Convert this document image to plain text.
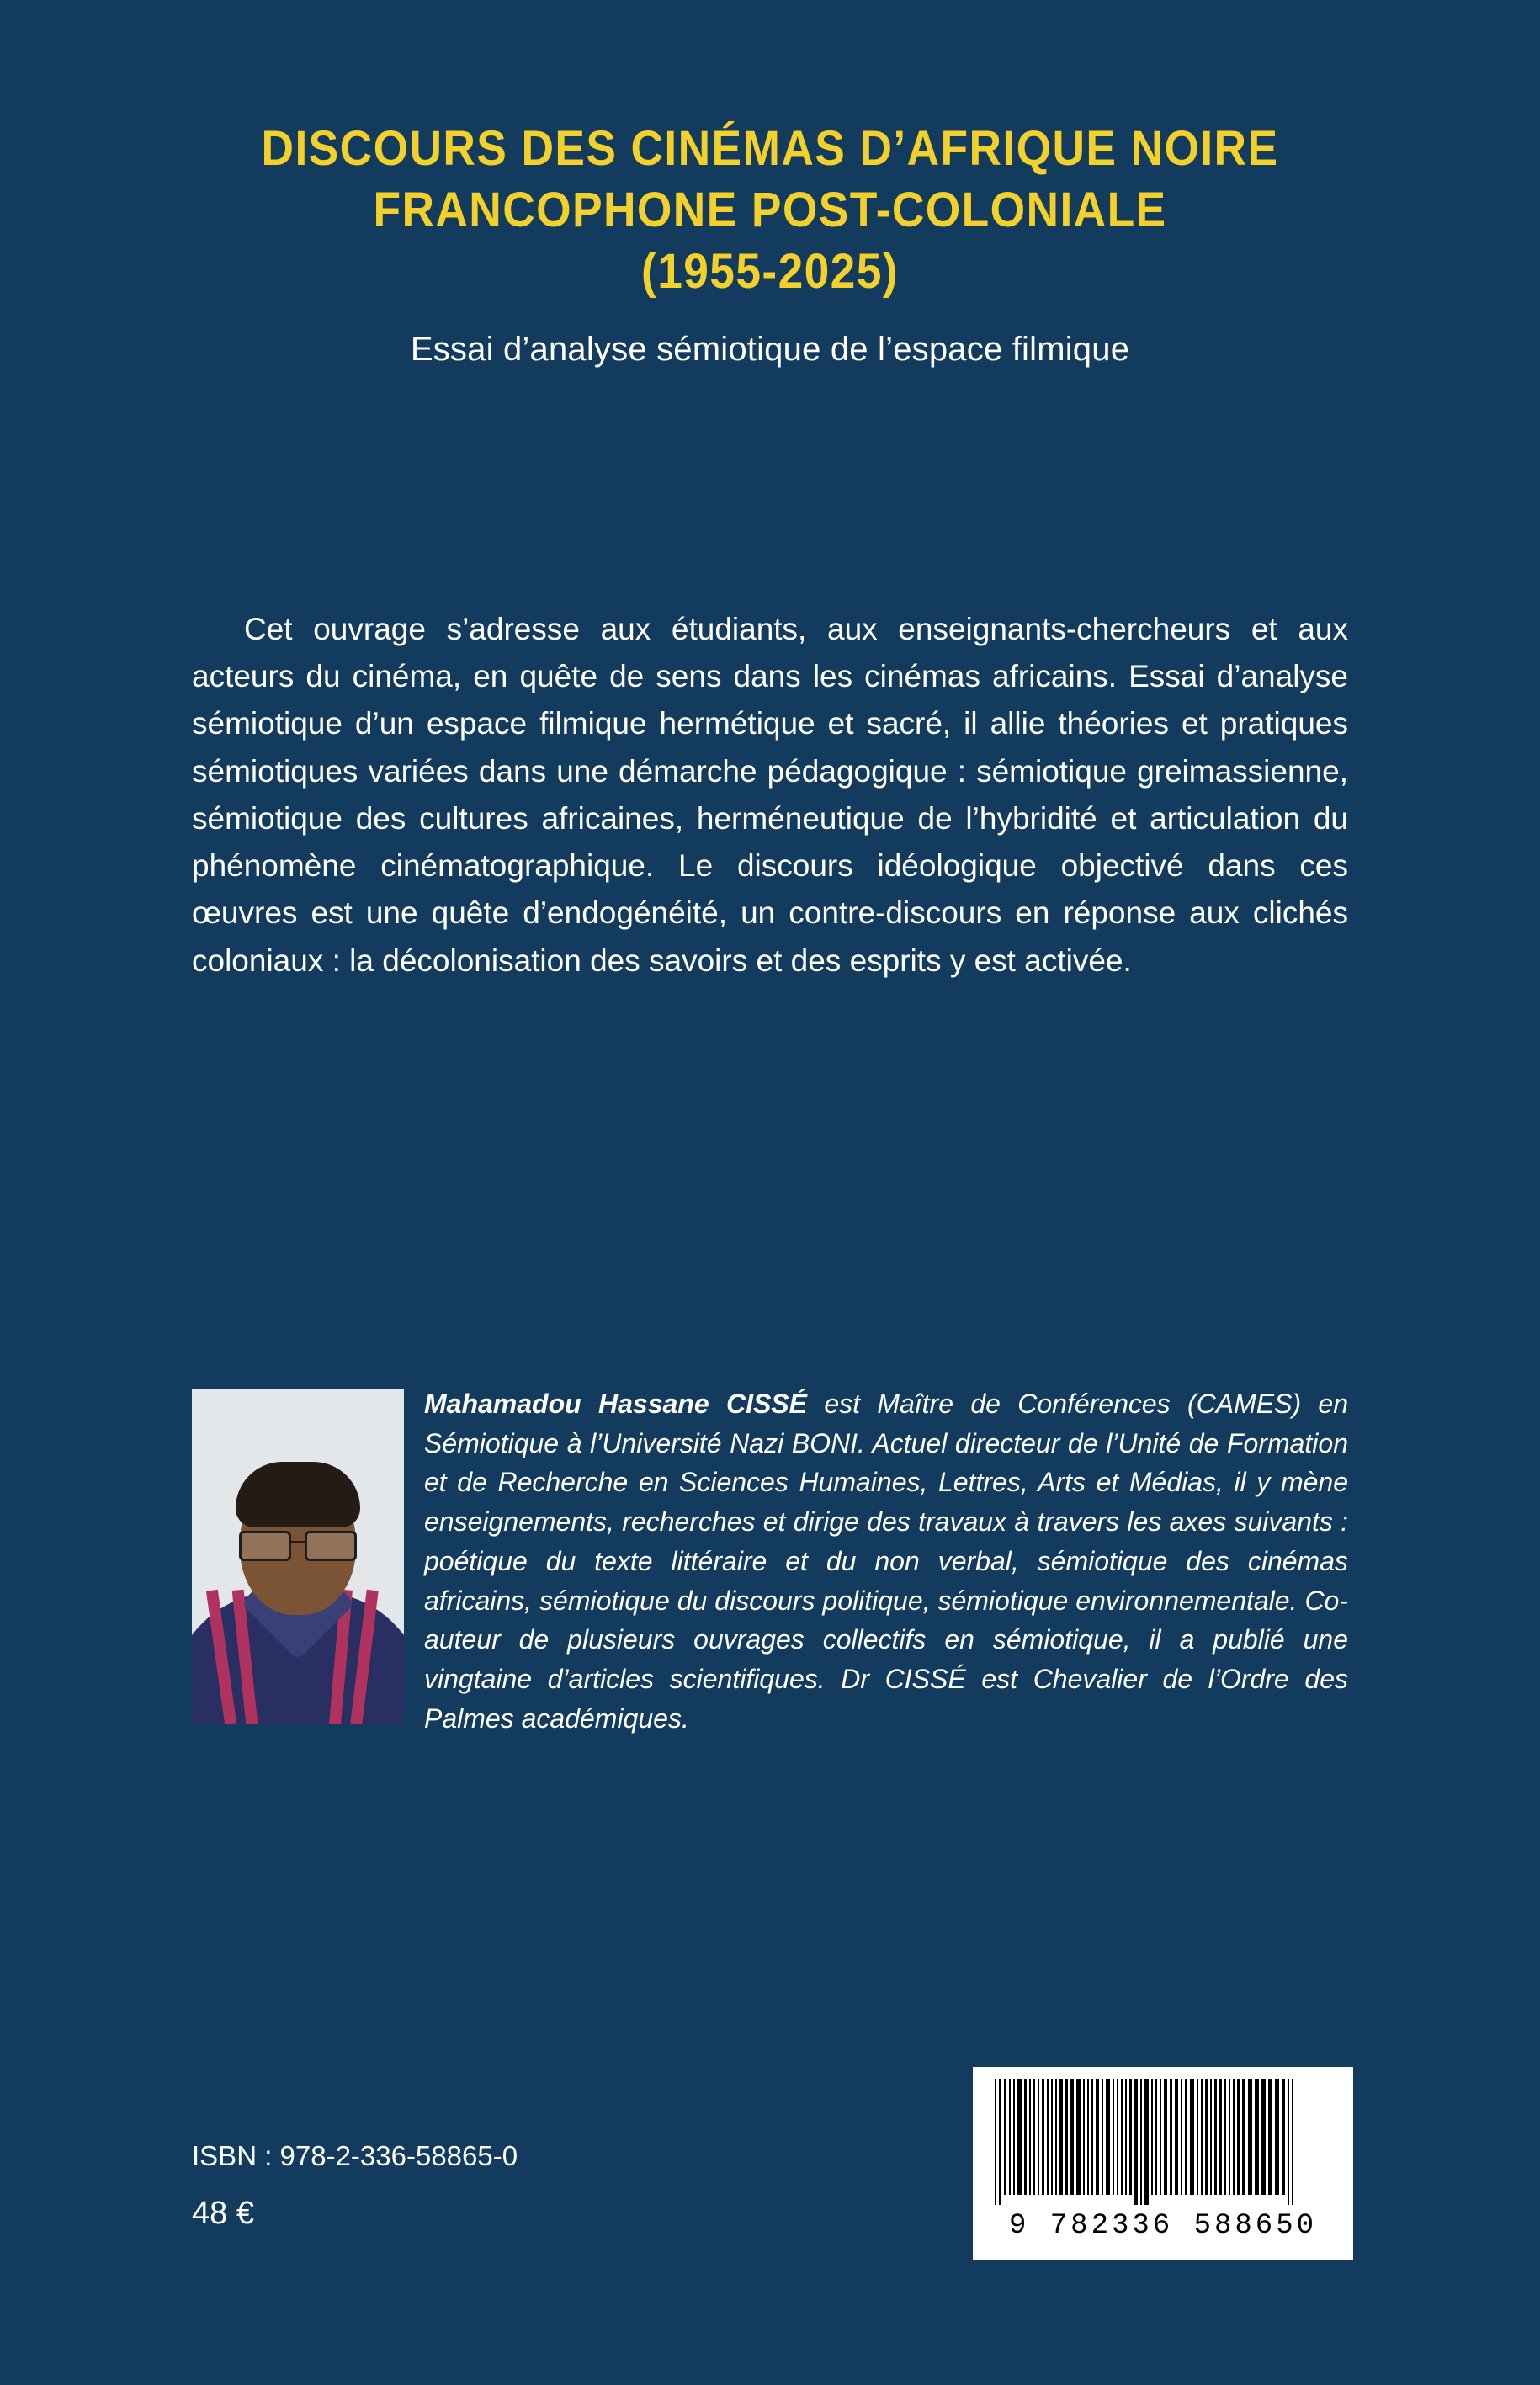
DISCOURS DES CINÉMAS D’AFRIQUE NOIRE
FRANCOPHONE POST-COLONIALE
(1955-2025)
Essai d’analyse sémiotique de l’espace filmique

Cet ouvrage s’adresse aux étudiants, aux enseignants-chercheurs et aux acteurs du cinéma, en quête de sens dans les cinémas africains. Essai d’analyse sémiotique d’un espace filmique hermétique et sacré, il allie théories et pratiques sémiotiques variées dans une démarche pédagogique : sémiotique greimassienne, sémiotique des cultures africaines, herméneutique de l’hybridité et articulation du phénomène cinématographique. Le discours idéologique objectivé dans ces œuvres est une quête d’endogénéité, un contre-discours en réponse aux clichés coloniaux : la décolonisation des savoirs et des esprits y est activée.

Mahamadou Hassane CISSÉ est Maître de Conférences (CAMES) en Sémiotique à l’Université Nazi BONI. Actuel directeur de l’Unité de Formation et de Recherche en Sciences Humaines, Lettres, Arts et Médias, il y mène enseignements, recherches et dirige des travaux à travers les axes suivants : poétique du texte littéraire et du non verbal, sémiotique des cinémas africains, sémiotique du discours politique, sémiotique environnementale. Co-auteur de plusieurs ouvrages collectifs en sémiotique, il a publié une vingtaine d’articles scientifiques. Dr CISSÉ est Chevalier de l’Ordre des Palmes académiques.

ISBN : 978-2-336-58865-0
48 €	9 782336 588650
